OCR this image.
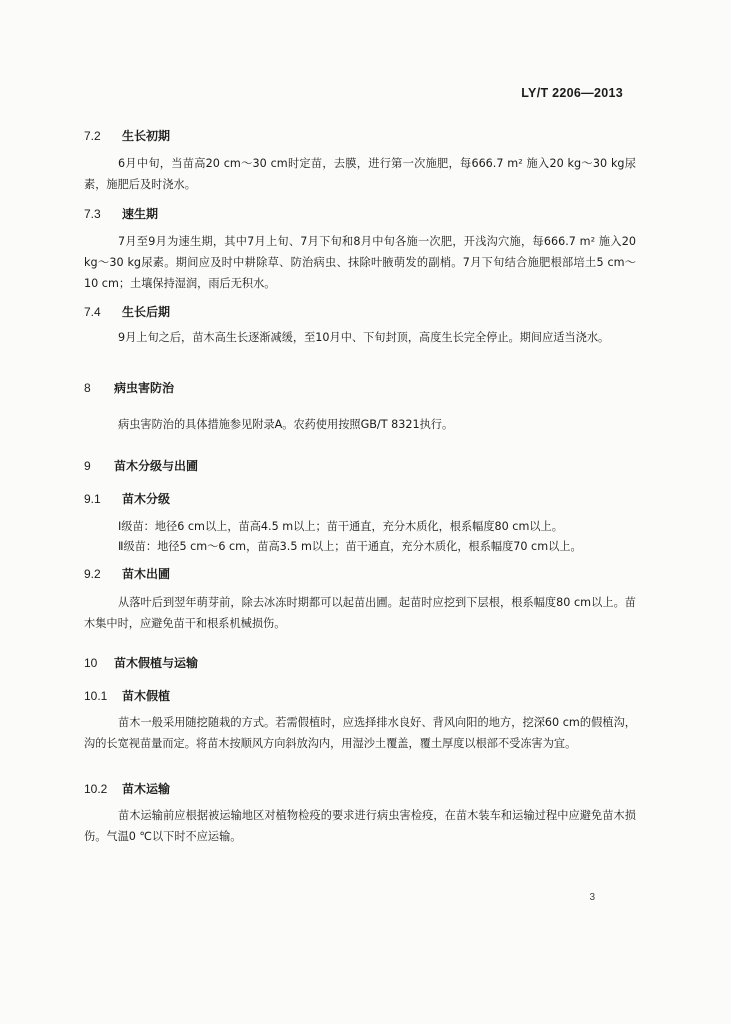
LY/T 2206—2013
7.2 生长初期

6月中旬，当苗高20 cm～30 cm时定苗，去膜，进行第一次施肥，每666.7 m² 施入20 kg～30 kg尿素，施肥后及时浇水。

7.3 速生期

7月至9月为速生期，其中7月上旬、7月下旬和8月中旬各施一次肥，开浅沟穴施，每666.7 m² 施入20 kg～30 kg尿素。期间应及时中耕除草、防治病虫、抹除叶腋萌发的副梢。7月下旬结合施肥根部培土5 cm～10 cm；土壤保持湿润，雨后无积水。

7.4 生长后期

9月上旬之后，苗木高生长逐渐减缓，至10月中、下旬封顶，高度生长完全停止。期间应适当浇水。

8 病虫害防治

病虫害防治的具体措施参见附录A。农药使用按照GB/T 8321执行。

9 苗木分级与出圃
9.1 苗木分级
Ⅰ级苗：地径6 cm以上，苗高4.5 m以上；苗干通直，充分木质化，根系幅度80 cm以上。
Ⅱ级苗：地径5 cm～6 cm，苗高3.5 m以上；苗干通直，充分木质化，根系幅度70 cm以上。
9.2 苗木出圃

从落叶后到翌年萌芽前，除去冰冻时期都可以起苗出圃。起苗时应挖到下层根，根系幅度80 cm以上。苗木集中时，应避免苗干和根系机械损伤。

10 苗木假植与运输
10.1 苗木假植

苗木一般采用随挖随栽的方式。若需假植时，应选择排水良好、背风向阳的地方，挖深60 cm的假植沟，沟的长宽视苗量而定。将苗木按顺风方向斜放沟内，用湿沙土覆盖，覆土厚度以根部不受冻害为宜。

10.2 苗木运输

苗木运输前应根据被运输地区对植物检疫的要求进行病虫害检疫，在苗木装车和运输过程中应避免苗木损伤。气温0 ℃以下时不应运输。

3
